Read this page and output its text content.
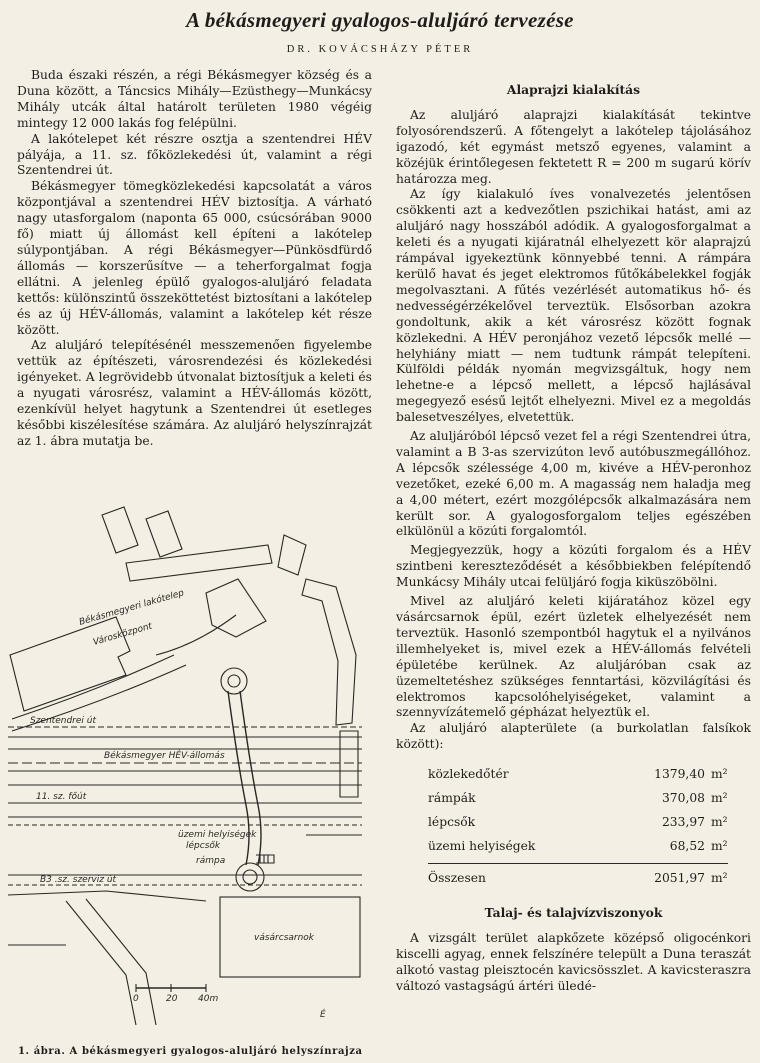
A békásmegyeri gyalogos-aluljáró tervezése
DR. KOVÁCSHÁZY PÉTER

Buda északi részén, a régi Békásmegyer község és a Duna között, a Táncsics Mihály—Ezüsthegy—Munkácsy Mihály utcák által határolt területen 1980 végéig mintegy 12 000 lakás fog felépülni.

A lakótelepet két részre osztja a szentendrei HÉV pályája, a 11. sz. főközlekedési út, valamint a régi Szentendrei út.

Békásmegyer tömegközlekedési kapcsolatát a város központjával a szentendrei HÉV biztosítja. A várható nagy utasforgalom (naponta 65 000, csúcsórában 9000 fő) miatt új állomást kell építeni a lakótelep súlypontjában. A régi Békásmegyer—Pünkösdfürdő állomás — korszerűsítve — a teherforgalmat fogja ellátni. A jelenleg épülő gyalogos-aluljáró feladata kettős: különszintű összeköttetést biztosítani a lakótelep és az új HÉV-állomás, valamint a lakótelep két része között.

Az aluljáró telepítésénél messzemenően figyelembe vettük az építészeti, városrendezési és közlekedési igényeket. A legrövidebb útvonalat biztosítjuk a keleti és a nyugati városrész, valamint a HÉV-állomás között, ezenkívül helyet hagytunk a Szentendrei út esetleges későbbi kiszélesítése számára. Az aluljáró helyszínrajzát az 1. ábra mutatja be.

Békásmegyeri lakótelep
Városközpont
Szentendrei út
Békásmegyer HÉV-állomás
11. sz. főút
üzemi helyiségek
lépcsők
rámpa
B3 .sz. szerviz út
vásárcsarnok
0	20 40m
É
1. ábra. A békásmegyeri gyalogos-aluljáró helyszínrajza
Alaprajzi kialakítás

Az aluljáró alaprajzi kialakítását tekintve folyosórendszerű. A főtengelyt a lakótelep tájolásához igazodó, két egymást metsző egyenes, valamint a közéjük érintőlegesen fektetett R = 200 m sugarú körív határozza meg.

Az így kialakuló íves vonalvezetés jelentősen csökkenti azt a kedvezőtlen pszichikai hatást, ami az aluljáró nagy hosszából adódik. A gyalogosforgalmat a keleti és a nyugati kijáratnál elhelyezett kör alaprajzú rámpával igyekeztünk könnyebbé tenni. A rámpára kerülő havat és jeget elektromos fűtőkábelekkel fogják megolvasztani. A fűtés vezérlését automatikus hő- és nedvességérzékelővel terveztük. Elsősorban azokra gondoltunk, akik a két városrész között fognak közlekedni. A HÉV peronjához vezető lépcsők mellé — helyhiány miatt — nem tudtunk rámpát telepíteni. Külföldi példák nyomán megvizsgáltuk, hogy nem lehetne-e a lépcső mellett, a lépcső hajlásával megegyező esésű lejtőt elhelyezni. Mivel ez a megoldás balesetveszélyes, elvetettük.

Az aluljáróból lépcső vezet fel a régi Szentendrei útra, valamint a B 3-as szervizúton levő autóbuszmegállóhoz. A lépcsők szélessége 4,00 m, kivéve a HÉV-peronhoz vezetőket, ezeké 6,00 m. A magasság nem haladja meg a 4,00 métert, ezért mozgólépcsők alkalmazására nem került sor. A gyalogosforgalom teljes egészében elkülönül a közúti forgalomtól.

Megjegyezzük, hogy a közúti forgalom és a HÉV szintbeni kereszteződését a későbbiekben felépítendő Munkácsy Mihály utcai felüljáró fogja kiküszöbölni.

Mivel az aluljáró keleti kijáratához közel egy vásárcsarnok épül, ezért üzletek elhelyezését nem terveztük. Hasonló szempontból hagytuk el a nyilvános illemhelyeket is, mivel ezek a HÉV-állomás felvételi épületébe kerülnek. Az aluljáróban csak az üzemeltetéshez szükséges fenntartási, közvilágítási és elektromos kapcsolóhelyiségeket, valamint a szennyvízátemelő gépházat helyeztük el.

Az aluljáró alapterülete (a burkolatlan falsíkok között):

közlekedőtér	1379,40	m²
rámpák	370,08	m²
lépcsők	233,97	m²
üzemi helyiségek	68,52	m²

Összesen	2051,97	m²
Talaj- és talajvízviszonyok

A vizsgált terület alapkőzete középső oligocénkori kiscelli agyag, ennek felszínére települt a Duna teraszát alkotó vastag pleisztocén kavicsösszlet. A kavicsteraszra változó vastagságú ártéri üledé-
